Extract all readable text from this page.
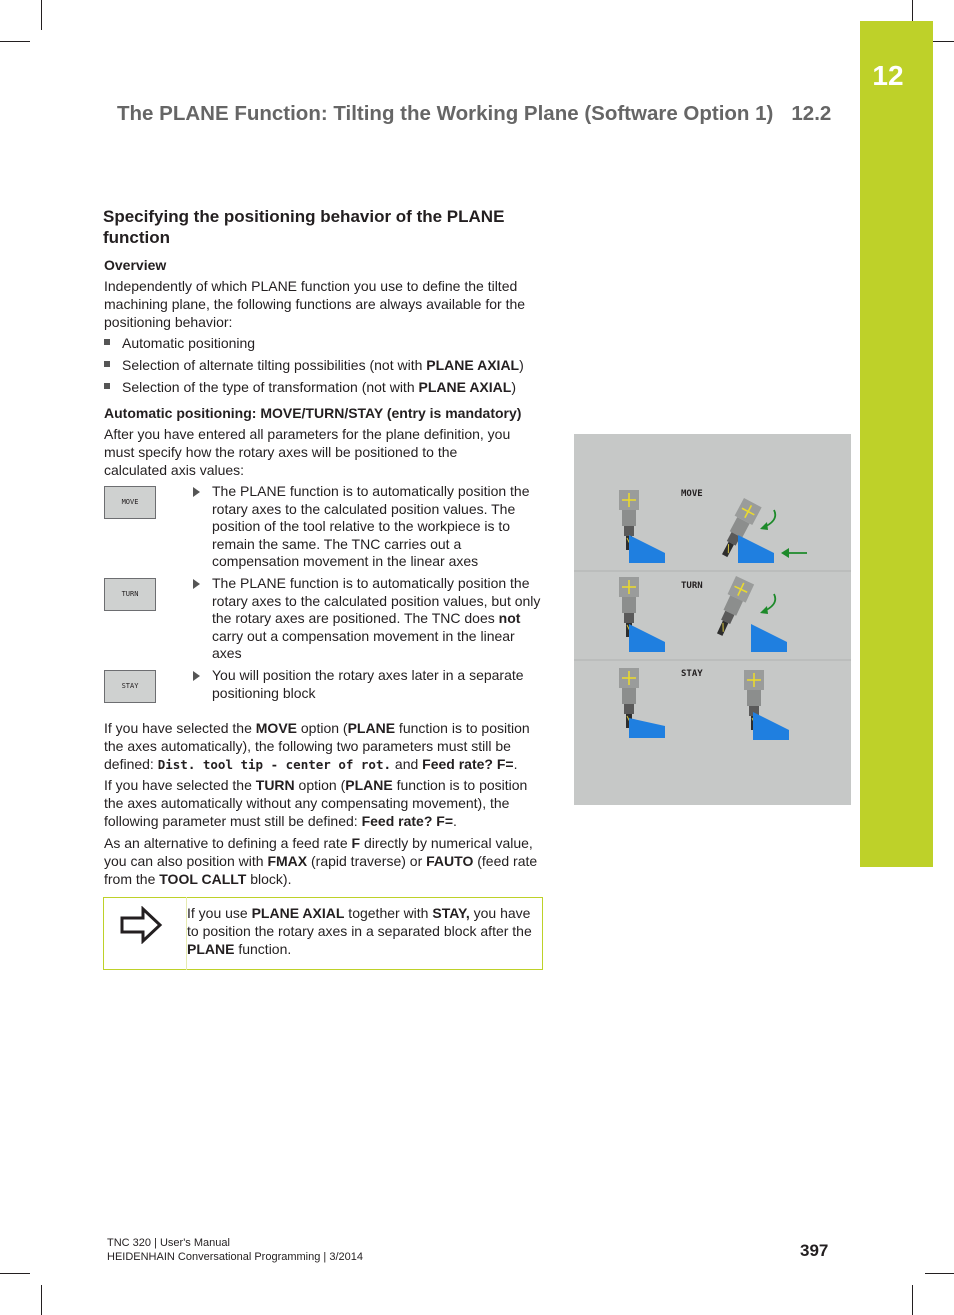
12
The PLANE Function: Tilting the Working Plane (Software Option 1) 12.2
Specifying the positioning behavior of the PLANE function
Overview
Independently of which PLANE function you use to define the tilted machining plane, the following functions are always available for the positioning behavior:
Automatic positioning
Selection of alternate tilting possibilities (not with PLANE AXIAL)
Selection of the type of transformation (not with PLANE AXIAL)
Automatic positioning: MOVE/TURN/STAY (entry is mandatory)
After you have entered all parameters for the plane definition, you must specify how the rotary axes will be positioned to the calculated axis values:
MOVE
The PLANE function is to automatically position the rotary axes to the calculated position values. The position of the tool relative to the workpiece is to remain the same. The TNC carries out a compensation movement in the linear axes
TURN
The PLANE function is to automatically position the rotary axes to the calculated position values, but only the rotary axes are positioned. The TNC does not carry out a compensation movement in the linear axes
STAY
You will position the rotary axes later in a separate positioning block
If you have selected the MOVE option (PLANE function is to position the axes automatically), the following two parameters must still be defined: Dist. tool tip - center of rot. and Feed rate? F=.
If you have selected the TURN option (PLANE function is to position the axes automatically without any compensating movement), the following parameter must still be defined: Feed rate? F=.
As an alternative to defining a feed rate F directly by numerical value, you can also position with FMAX (rapid traverse) or FAUTO (feed rate from the TOOL CALLT block).
If you use PLANE AXIAL together with STAY, you have to position the rotary axes in a separated block after the PLANE function.
MOVE
TURN
STAY
TNC 320 | User's Manual
HEIDENHAIN Conversational Programming | 3/2014	397
